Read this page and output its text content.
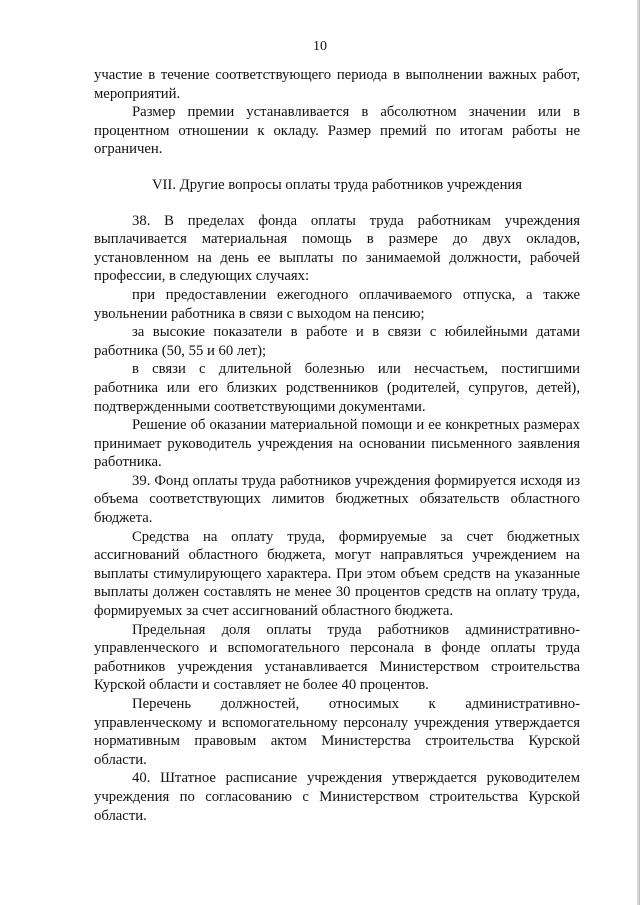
10

участие в течение соответствующего периода в выполнении важных работ, мероприятий.

Размер премии устанавливается в абсолютном значении или в процентном отношении к окладу. Размер премий по итогам работы не ограничен.

VII. Другие вопросы оплаты труда работников учреждения

38. В пределах фонда оплаты труда работникам учреждения выплачивается материальная помощь в размере до двух окладов, установленном на день ее выплаты по занимаемой должности, рабочей профессии, в следующих случаях:

при предоставлении ежегодного оплачиваемого отпуска, а также увольнении работника в связи с выходом на пенсию;

за высокие показатели в работе и в связи с юбилейными датами работника (50, 55 и 60 лет);

в связи с длительной болезнью или несчастьем, постигшими работника или его близких родственников (родителей, супругов, детей), подтвержденными соответствующими документами.

Решение об оказании материальной помощи и ее конкретных размерах принимает руководитель учреждения на основании письменного заявления работника.

39. Фонд оплаты труда работников учреждения формируется исходя из объема соответствующих лимитов бюджетных обязательств областного бюджета.

Средства на оплату труда, формируемые за счет бюджетных ассигнований областного бюджета, могут направляться учреждением на выплаты стимулирующего характера. При этом объем средств на указанные выплаты должен составлять не менее 30 процентов средств на оплату труда, формируемых за счет ассигнований областного бюджета.

Предельная доля оплаты труда работников административно-управленческого и вспомогательного персонала в фонде оплаты труда работников учреждения устанавливается Министерством строительства Курской области и составляет не более 40 процентов.

Перечень должностей, относимых к административно-управленческому и вспомогательному персоналу учреждения утверждается нормативным правовым актом Министерства строительства Курской области.

40. Штатное расписание учреждения утверждается руководителем учреждения по согласованию с Министерством строительства Курской области.
